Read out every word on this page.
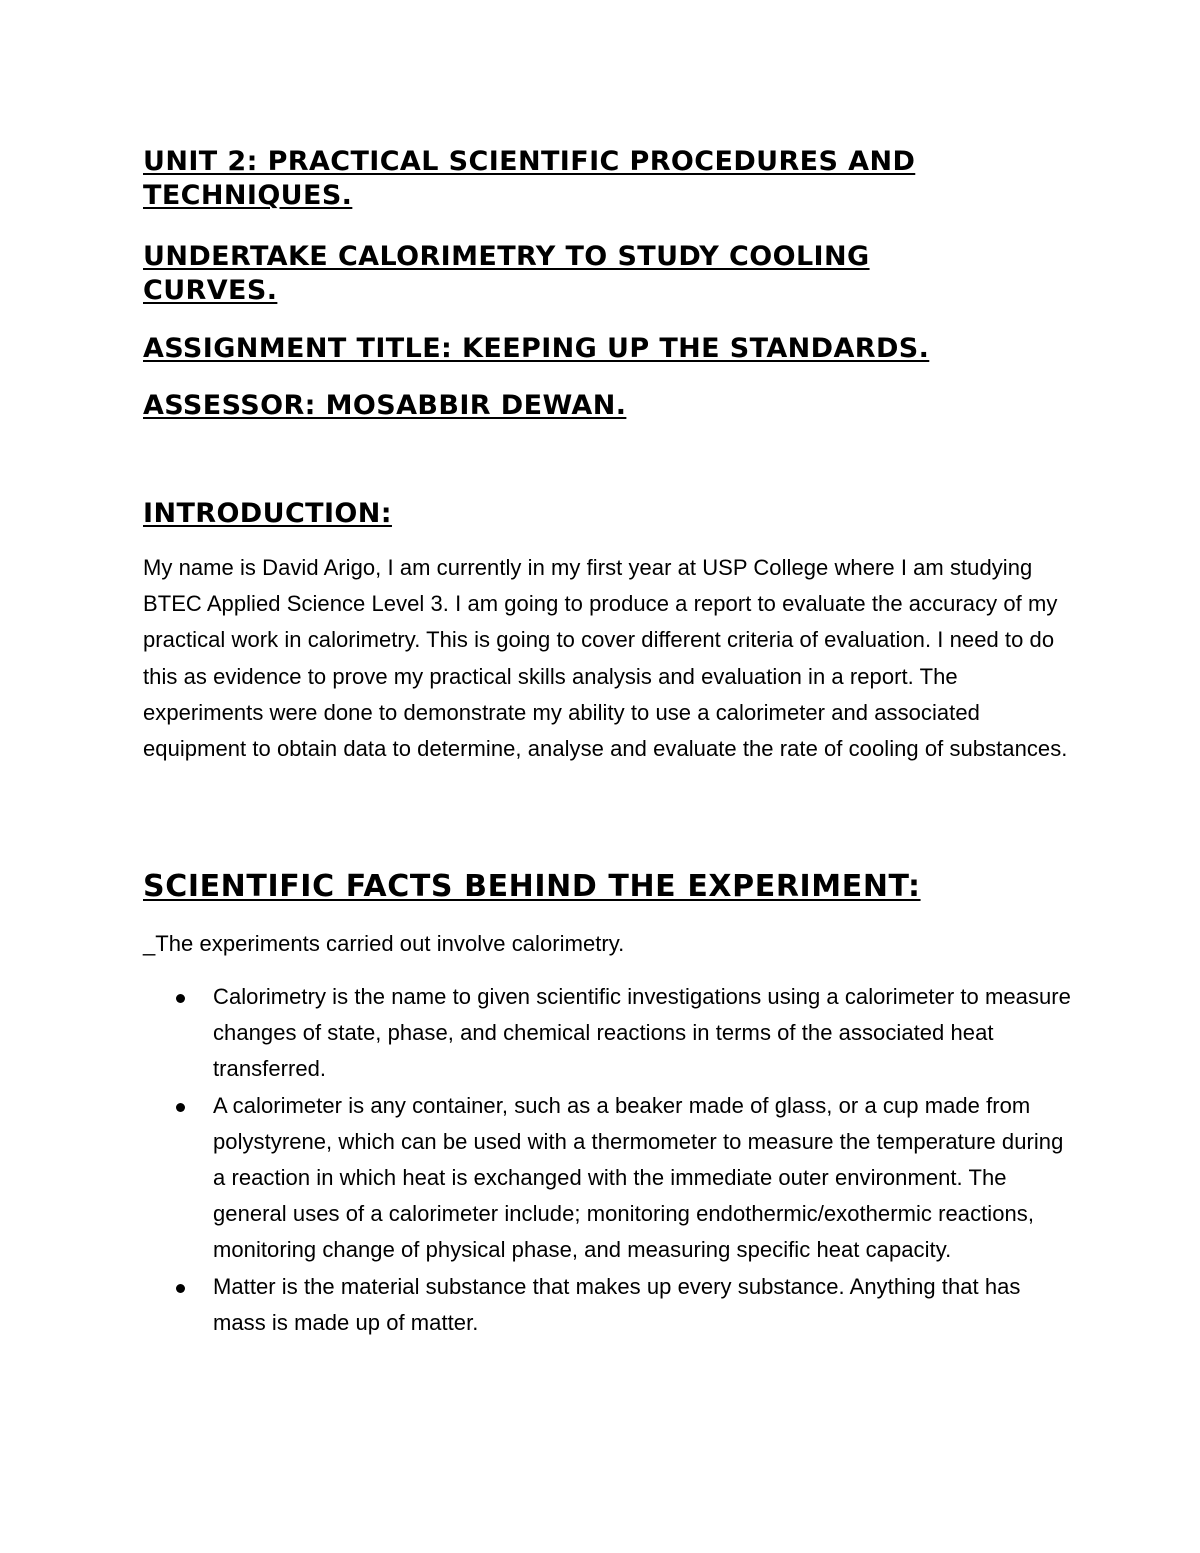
UNIT 2: PRACTICAL SCIENTIFIC PROCEDURES AND TECHNIQUES.
UNDERTAKE CALORIMETRY TO STUDY COOLING CURVES.
ASSIGNMENT TITLE: KEEPING UP THE STANDARDS.
ASSESSOR: MOSABBIR DEWAN.
INTRODUCTION:

My name is David Arigo, I am currently in my first year at USP College where I am studying BTEC Applied Science Level 3. I am going to produce a report to evaluate the accuracy of my practical work in calorimetry. This is going to cover different criteria of evaluation. I need to do this as evidence to prove my practical skills analysis and evaluation in a report. The experiments were done to demonstrate my ability to use a calorimeter and associated equipment to obtain data to determine, analyse and evaluate the rate of cooling of substances.

SCIENTIFIC FACTS BEHIND THE EXPERIMENT:

_The experiments carried out involve calorimetry.

Calorimetry is the name to given scientific investigations using a calorimeter to measure changes of state, phase, and chemical reactions in terms of the associated heat transferred.
A calorimeter is any container, such as a beaker made of glass, or a cup made from polystyrene, which can be used with a thermometer to measure the temperature during a reaction in which heat is exchanged with the immediate outer environment. The general uses of a calorimeter include; monitoring endothermic/exothermic reactions, monitoring change of physical phase, and measuring specific heat capacity.
Matter is the material substance that makes up every substance. Anything that has mass is made up of matter.
